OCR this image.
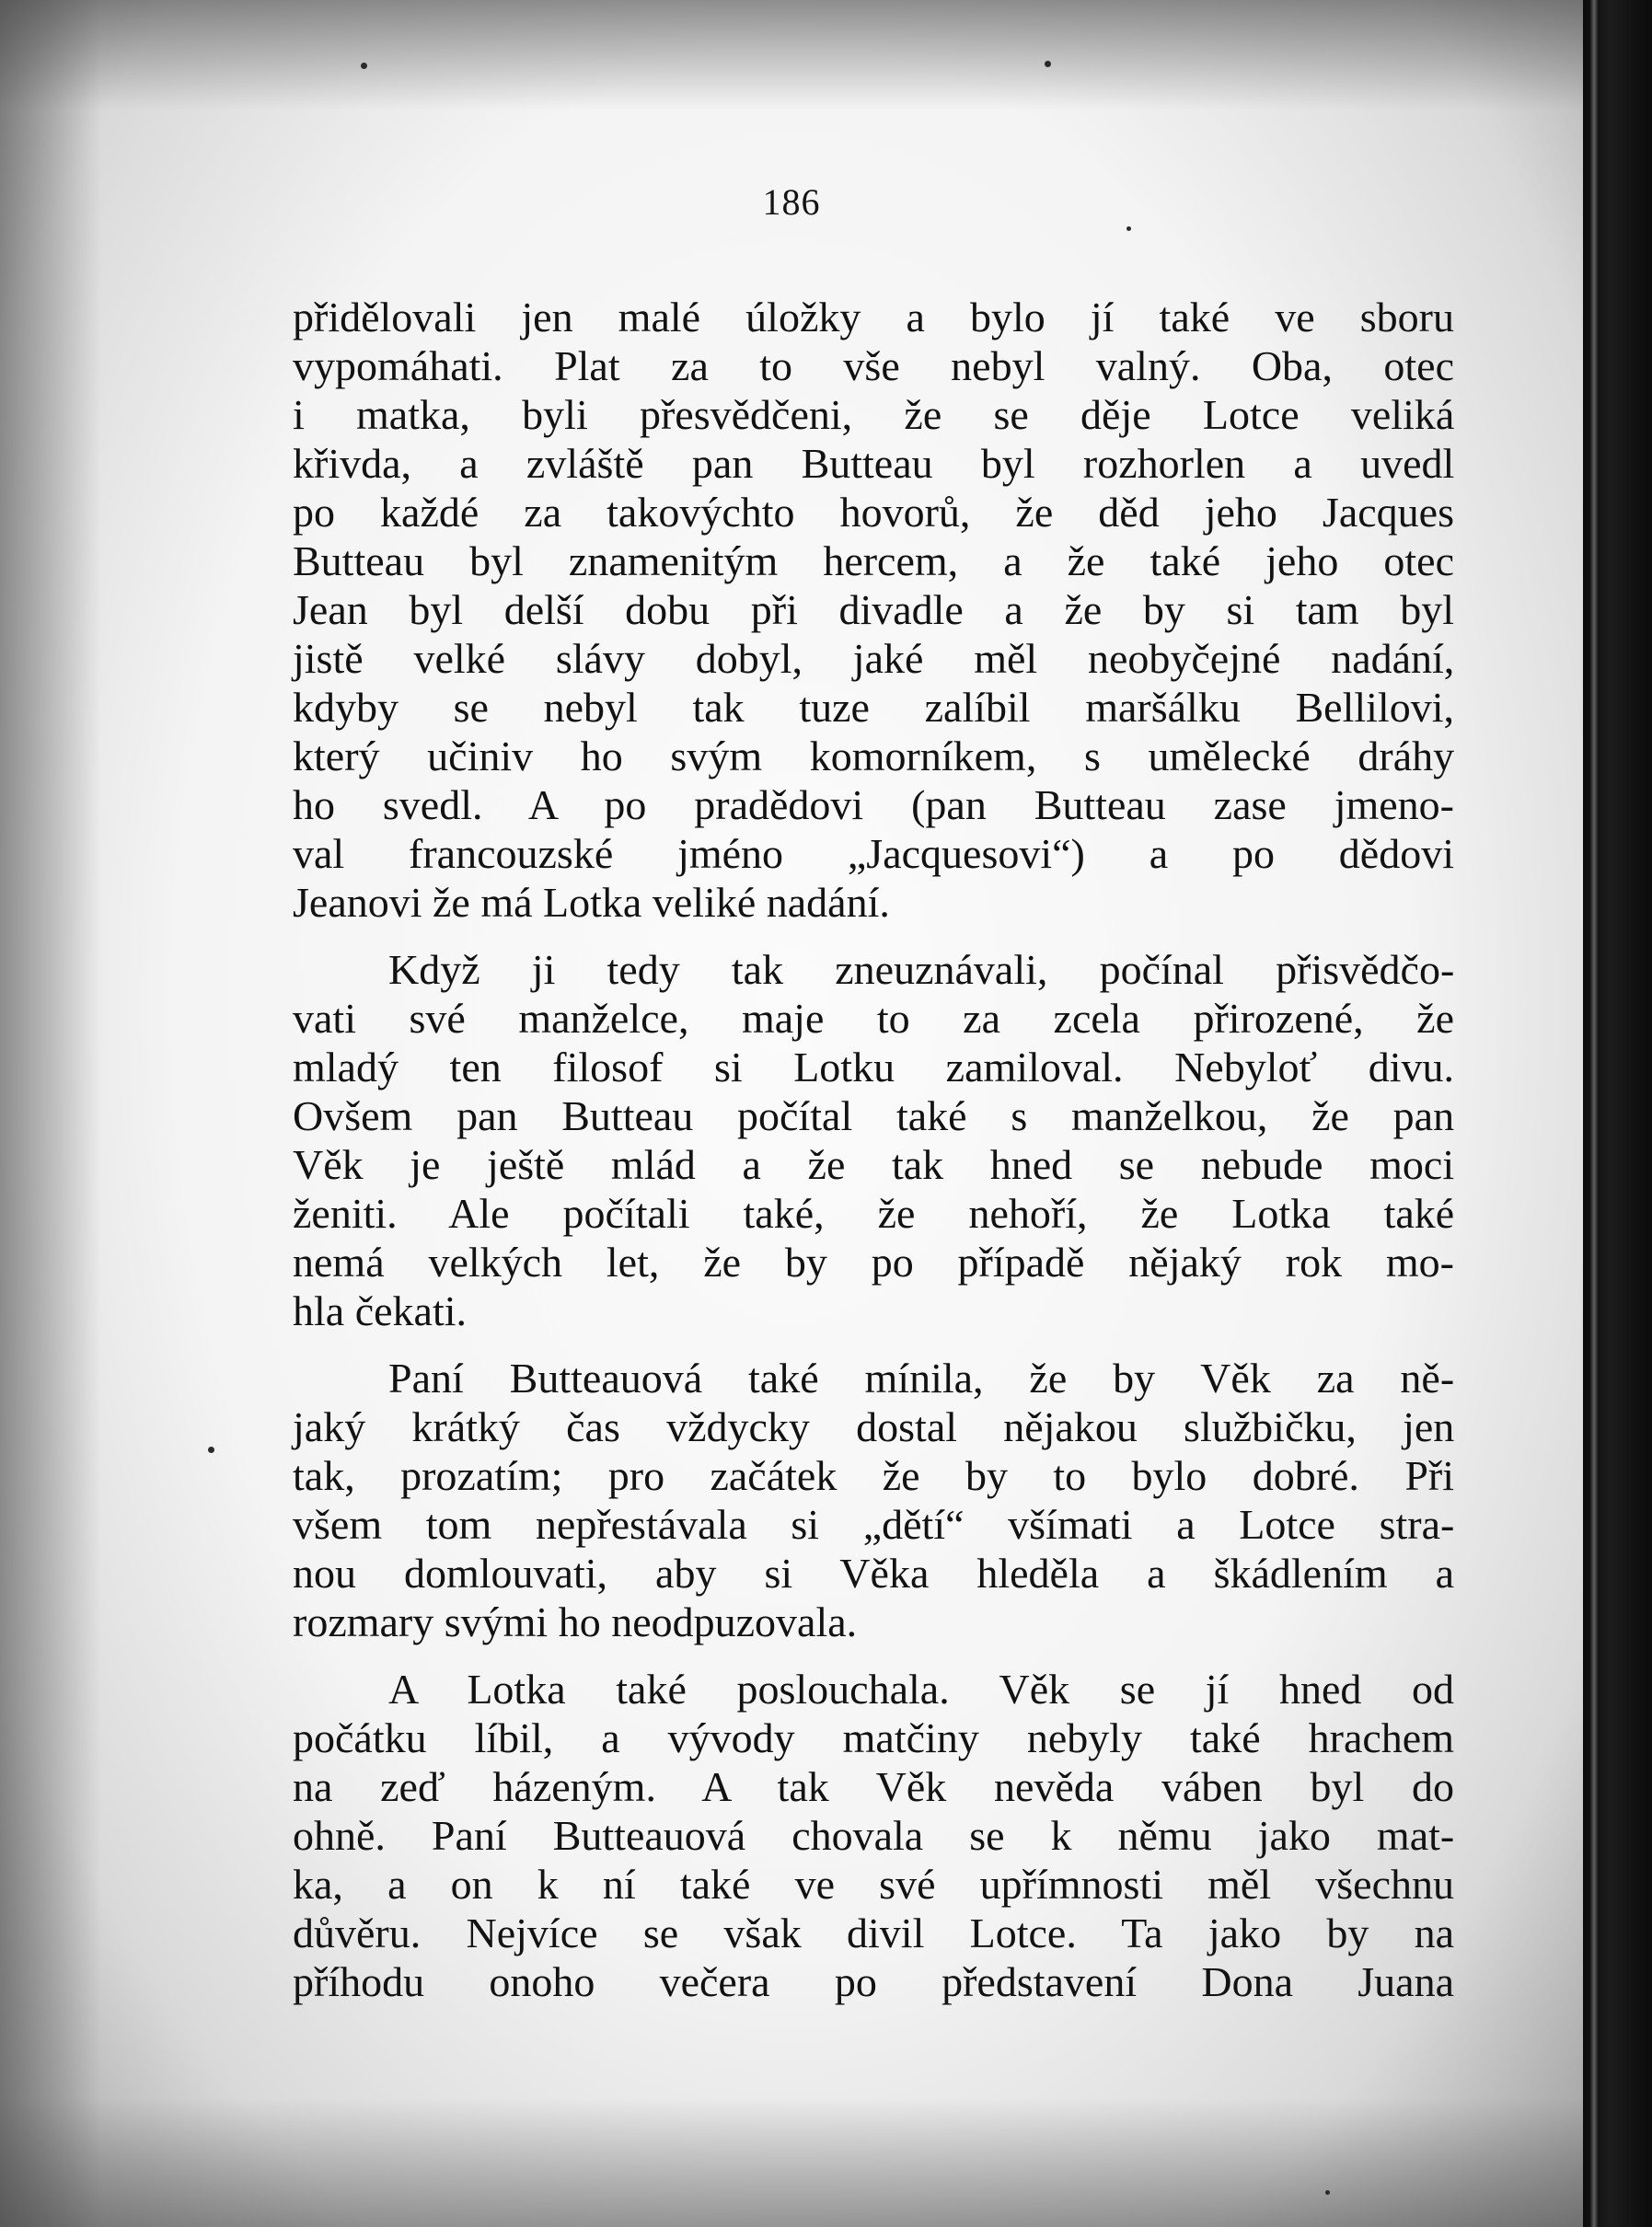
186

přidělovali jen malé úložky a bylo jí také ve sboru
vypomáhati. Plat za to vše nebyl valný. Oba, otec
i matka, byli přesvědčeni, že se děje Lotce veliká
křivda, a zvláště pan Butteau byl rozhorlen a uvedl
po každé za takovýchto hovorů, že děd jeho Jacques
Butteau byl znamenitým hercem, a že také jeho otec
Jean byl delší dobu při divadle a že by si tam byl
jistě velké slávy dobyl, jaké měl neobyčejné nadání,
kdyby se nebyl tak tuze zalíbil maršálku Bellilovi,
který učiniv ho svým komorníkem, s umělecké dráhy
ho svedl. A po pradědovi (pan Butteau zase jmeno-
val francouzské jméno „Jacquesovi“) a po dědovi
Jeanovi že má Lotka veliké nadání.

Když ji tedy tak zneuznávali, počínal přisvědčo-
vati své manželce, maje to za zcela přirozené, že
mladý ten filosof si Lotku zamiloval. Nebyloť divu.
Ovšem pan Butteau počítal také s manželkou, že pan
Věk je ještě mlád a že tak hned se nebude moci
ženiti. Ale počítali také, že nehoří, že Lotka také
nemá velkých let, že by po případě nějaký rok mo-
hla čekati.

Paní Butteauová také mínila, že by Věk za ně-
jaký krátký čas vždycky dostal nějakou službičku, jen
tak, prozatím; pro začátek že by to bylo dobré. Při
všem tom nepřestávala si „dětí“ všímati a Lotce stra-
nou domlouvati, aby si Věka hleděla a škádlením a
rozmary svými ho neodpuzovala.

A Lotka také poslouchala. Věk se jí hned od
počátku líbil, a vývody matčiny nebyly také hrachem
na zeď házeným. A tak Věk nevěda váben byl do
ohně. Paní Butteauová chovala se k němu jako mat-
ka, a on k ní také ve své upřímnosti měl všechnu
důvěru. Nejvíce se však divil Lotce. Ta jako by na
příhodu onoho večera po představení Dona Juana
